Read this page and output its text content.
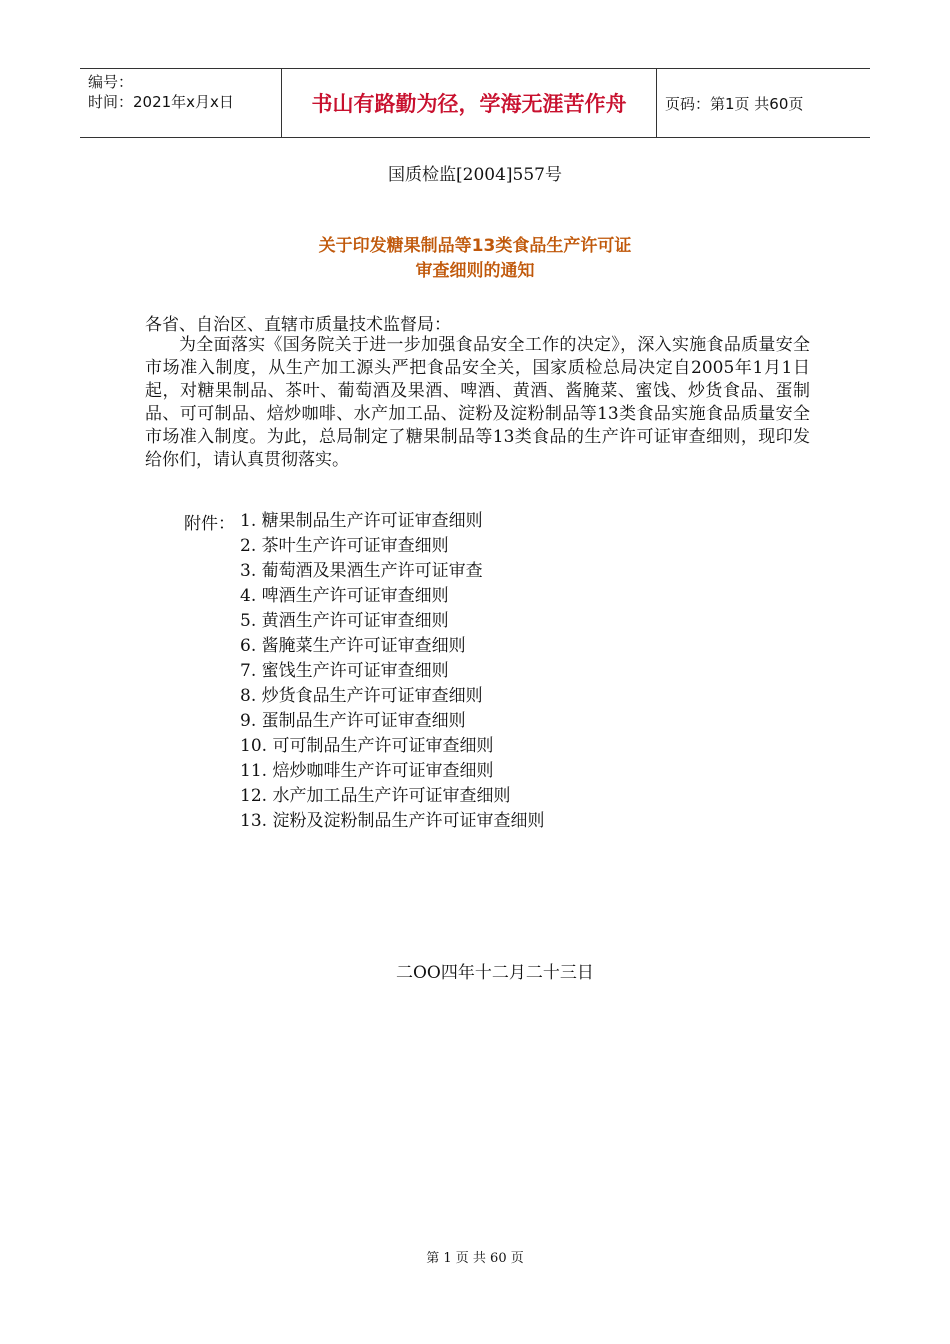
编号：
时间：2021年x月x日	书山有路勤为径，学海无涯苦作舟	页码：第1页 共60页
国质检监[2004]557号
关于印发糖果制品等13类食品生产许可证
审查细则的通知
各省、自治区、直辖市质量技术监督局：
为全面落实《国务院关于进一步加强食品安全工作的决定》，深入实施食品质量安全市场准入制度，从生产加工源头严把食品安全关，国家质检总局决定自2005年1月1日起，对糖果制品、茶叶、葡萄酒及果酒、啤酒、黄酒、酱腌菜、蜜饯、炒货食品、蛋制品、可可制品、焙炒咖啡、水产加工品、淀粉及淀粉制品等13类食品实施食品质量安全市场准入制度。为此，总局制定了糖果制品等13类食品的生产许可证审查细则，现印发给你们，请认真贯彻落实。
附件： 1. 糖果制品生产许可证审查细则
2. 茶叶生产许可证审查细则
3. 葡萄酒及果酒生产许可证审查
4. 啤酒生产许可证审查细则
5. 黄酒生产许可证审查细则
6. 酱腌菜生产许可证审查细则
7. 蜜饯生产许可证审查细则
8. 炒货食品生产许可证审查细则
9. 蛋制品生产许可证审查细则
10. 可可制品生产许可证审查细则
11. 焙炒咖啡生产许可证审查细则
12. 水产加工品生产许可证审查细则
13. 淀粉及淀粉制品生产许可证审查细则
二OO四年十二月二十三日
第 1 页 共 60 页
